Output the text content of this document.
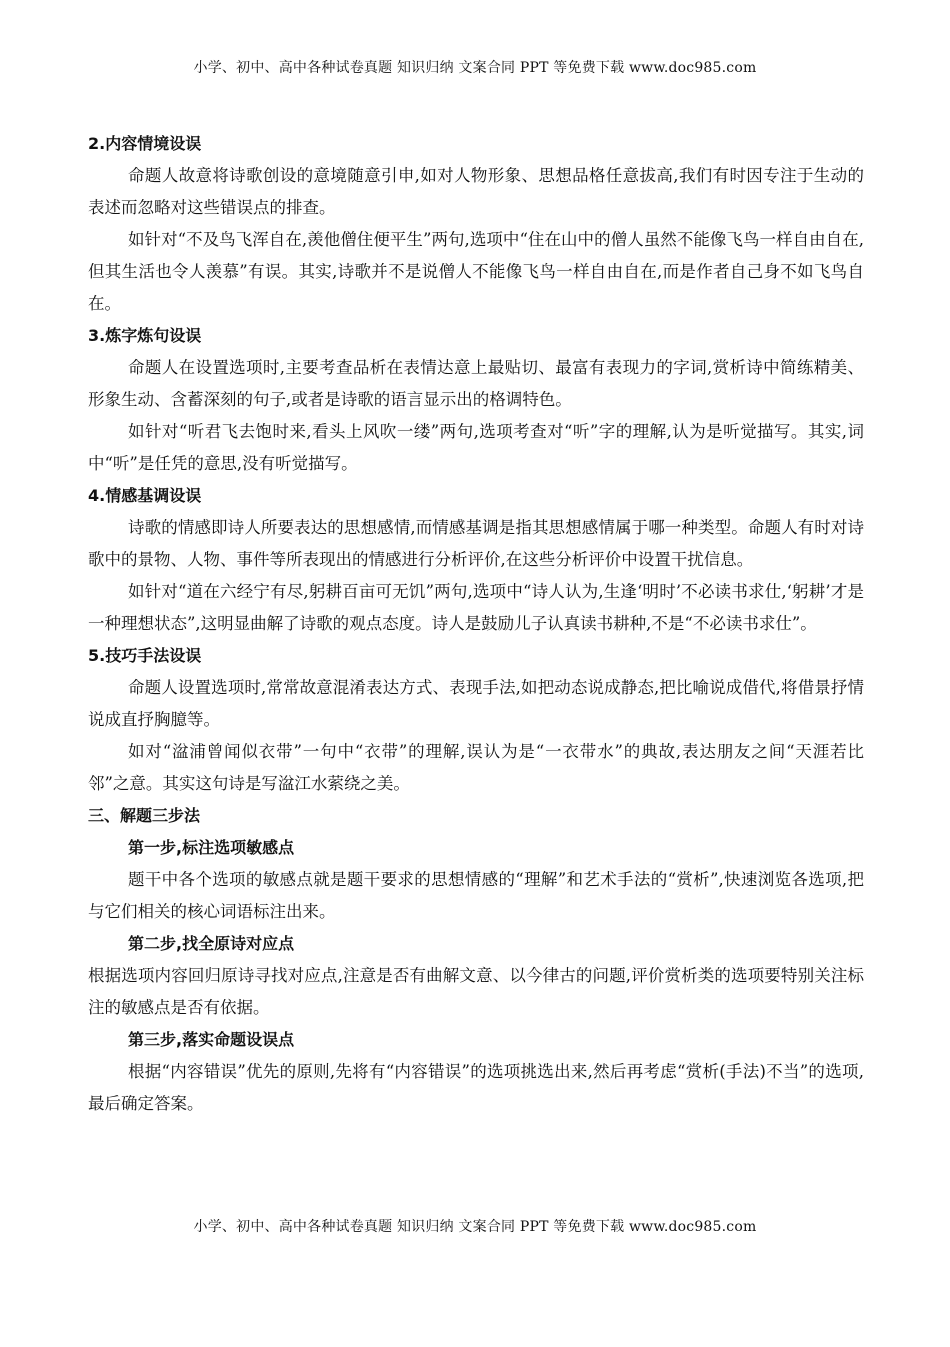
小学、初中、高中各种试卷真题 知识归纳 文案合同 PPT 等免费下载 www.doc985.com
2.内容情境设误

命题人故意将诗歌创设的意境随意引申,如对人物形象、思想品格任意拔高,我们有时因专注于生动的表述而忽略对这些错误点的排查。

如针对“不及鸟飞浑自在,羡他僧住便平生”两句,选项中“住在山中的僧人虽然不能像飞鸟一样自由自在,但其生活也令人羡慕”有误。其实,诗歌并不是说僧人不能像飞鸟一样自由自在,而是作者自己身不如飞鸟自在。

3.炼字炼句设误

命题人在设置选项时,主要考查品析在表情达意上最贴切、最富有表现力的字词,赏析诗中简练精美、形象生动、含蓄深刻的句子,或者是诗歌的语言显示出的格调特色。

如针对“听君飞去饱时来,看头上风吹一缕”两句,选项考查对“听”字的理解,认为是听觉描写。其实,词中“听”是任凭的意思,没有听觉描写。

4.情感基调设误

诗歌的情感即诗人所要表达的思想感情,而情感基调是指其思想感情属于哪一种类型。命题人有时对诗歌中的景物、人物、事件等所表现出的情感进行分析评价,在这些分析评价中设置干扰信息。

如针对“道在六经宁有尽,躬耕百亩可无饥”两句,选项中“诗人认为,生逢‘明时’不必读书求仕,‘躬耕’才是一种理想状态”,这明显曲解了诗歌的观点态度。诗人是鼓励儿子认真读书耕种,不是“不必读书求仕”。

5.技巧手法设误

命题人设置选项时,常常故意混淆表达方式、表现手法,如把动态说成静态,把比喻说成借代,将借景抒情说成直抒胸臆等。

如对“湓浦曾闻似衣带”一句中“衣带”的理解,误认为是“一衣带水”的典故,表达朋友之间“天涯若比邻”之意。其实这句诗是写湓江水萦绕之美。

三、解题三步法
第一步,标注选项敏感点

题干中各个选项的敏感点就是题干要求的思想情感的“理解”和艺术手法的“赏析”,快速浏览各选项,把与它们相关的核心词语标注出来。

第二步,找全原诗对应点

根据选项内容回归原诗寻找对应点,注意是否有曲解文意、以今律古的问题,评价赏析类的选项要特别关注标注的敏感点是否有依据。

第三步,落实命题设误点

根据“内容错误”优先的原则,先将有“内容错误”的选项挑选出来,然后再考虑“赏析(手法)不当”的选项,最后确定答案。

小学、初中、高中各种试卷真题 知识归纳 文案合同 PPT 等免费下载 www.doc985.com
